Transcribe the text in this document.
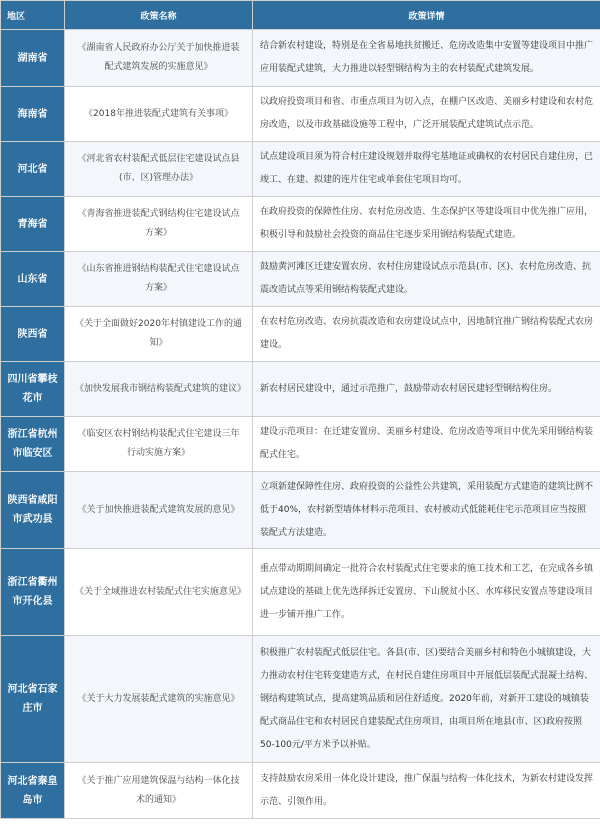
地区	政策名称	政策详情
湖南省	《湖南省人民政府办公厅关于加快推进装配式建筑发展的实施意见》	结合新农村建设，特别是在全省易地扶贫搬迁、危房改造集中安置等建设项目中推广应用装配式建筑，大力推进以轻型钢结构为主的农村装配式建筑发展。
海南省	《2018年推进装配式建筑有关事项》	以政府投资项目和省、市重点项目为切入点，在棚户区改造、美丽乡村建设和农村危房改造，以及市政基础设施等工程中，广泛开展装配式建筑试点示范。
河北省	《河北省农村装配式低层住宅建设试点县(市、区)管理办法》	试点建设项目须为符合村庄建设规划并取得宅基地证或确权的农村居民自建住房，已竣工、在建、拟建的连片住宅或单套住宅项目均可。
青海省	《青海省推进装配式钢结构住宅建设试点方案》	在政府投资的保障性住房、农村危房改造、生态保护区等建设项目中优先推广应用，积极引导和鼓励社会投资的商品住宅逐步采用钢结构装配式建造。
山东省	《山东省推进钢结构装配式住宅建设试点方案》	鼓励黄河滩区迁建安置农房、农村住房建设试点示范县(市、区)、农村危房改造、抗震改造试点等采用钢结构装配式建设。
陕西省	《关于全面做好2020年村镇建设工作的通知》	在农村危房改造、农房抗震改造和农房建设试点中，因地制宜推广钢结构装配式农房建设。
四川省攀枝花市	《加快发展我市钢结构装配式建筑的建议》	新农村居民建设中，通过示范推广，鼓励带动农村居民建轻型钢结构住房。
浙江省杭州市临安区	《临安区农村钢结构装配式住宅建设三年行动实施方案》	建设示范项目：在迁建安置房、美丽乡村建设、危房改造等项目中优先采用钢结构装配式住宅。
陕西省咸阳市武功县	《关于加快推进装配式建筑发展的意见》	立项新建保障性住房、政府投资的公益性公共建筑，采用装配方式建造的建筑比例不低于40%，农村新型墙体材料示范项目、农村被动式低能耗住宅示范项目应当按照装配式方法建造。
浙江省衢州市开化县	《关于全域推进农村装配式住宅实施意见》	重点带动期期间确定一批符合农村装配式住宅要求的施工技术和工艺，在完成各乡镇试点建设的基础上优先选择拆迁安置房、下山脱贫小区、水库移民安置点等建设项目进一步铺开推广工作。
河北省石家庄市	《关于大力发展装配式建筑的实施意见》	积极推广农村装配式低层住宅。各县(市、区)要结合美丽乡村和特色小城镇建设，大力推动农村住宅转变建造方式，在村民自建住房项目中开展低层装配式混凝土结构、钢结构建筑试点，提高建筑品质和居住舒适度。2020年前，对新开工建设的城镇装配式商品住宅和农村居民自建装配式住房项目，由项目所在地县(市、区)政府按照50-100元/平方米予以补贴。
河北省秦皇岛市	《关于推广应用建筑保温与结构一体化技术的通知》	支持鼓励农房采用一体化设计建设，推广保温与结构一体化技术，为新农村建设发挥示范、引领作用。
